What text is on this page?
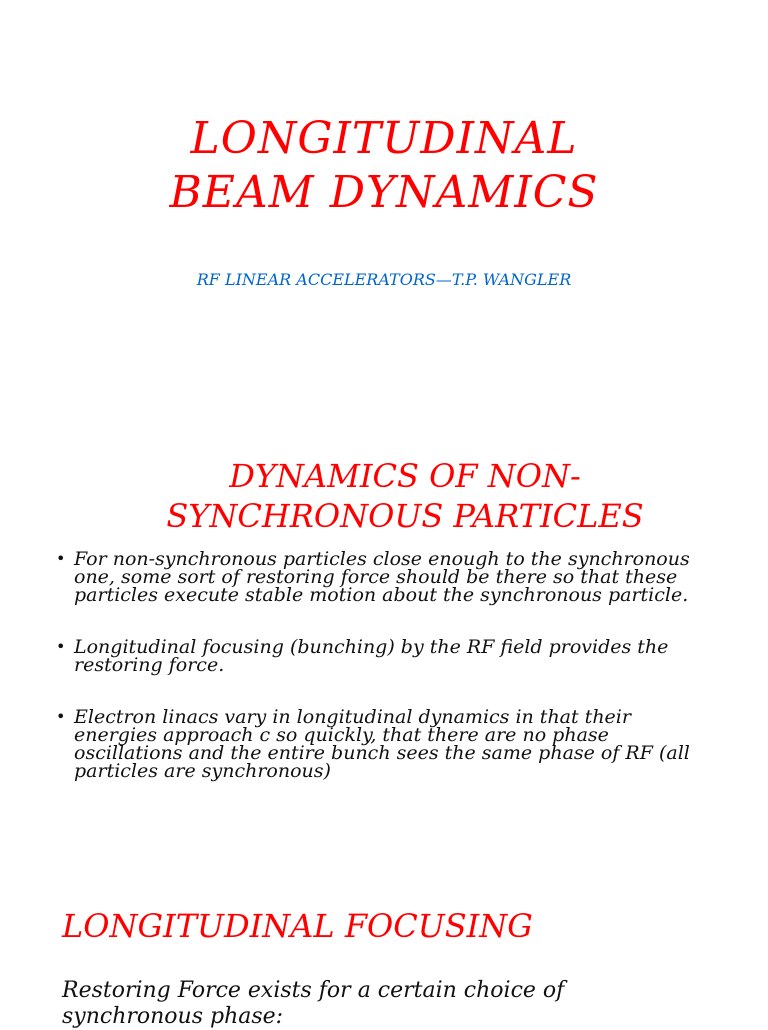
LONGITUDINAL
BEAM DYNAMICS

RF LINEAR ACCELERATORS—T.P. WANGLER

DYNAMICS OF NON-
SYNCHRONOUS PARTICLES
• For non-synchronous particles close enough to the synchronous one, some sort of restoring force should be there so that these particles execute stable motion about the synchronous particle.
• Longitudinal focusing (bunching) by the RF field provides the restoring force.
• Electron linacs vary in longitudinal dynamics in that their energies approach c so quickly, that there are no phase oscillations and the entire bunch sees the same phase of RF (all particles are synchronous)
LONGITUDINAL FOCUSING

Restoring Force exists for a certain choice of synchronous phase:
